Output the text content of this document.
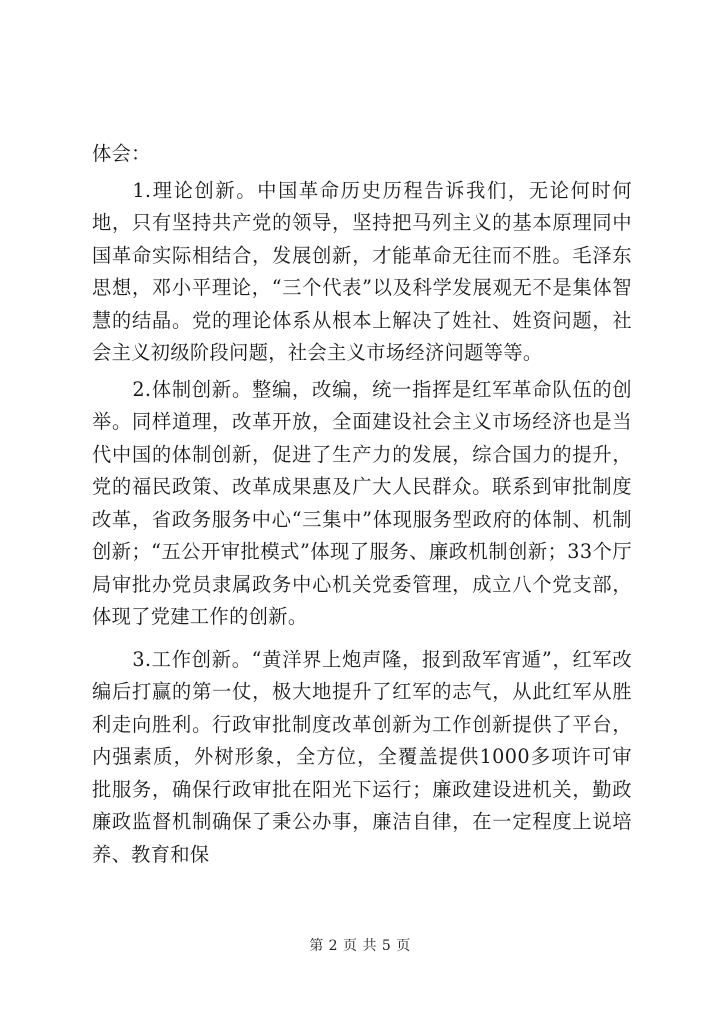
体会：

1.理论创新。中国革命历史历程告诉我们，无论何时何地，只有坚持共产党的领导，坚持把马列主义的基本原理同中国革命实际相结合，发展创新，才能革命无往而不胜。毛泽东思想，邓小平理论，“三个代表”以及科学发展观无不是集体智慧的结晶。党的理论体系从根本上解决了姓社、姓资问题，社会主义初级阶段问题，社会主义市场经济问题等等。

2.体制创新。整编，改编，统一指挥是红军革命队伍的创举。同样道理，改革开放，全面建设社会主义市场经济也是当代中国的体制创新，促进了生产力的发展，综合国力的提升，党的福民政策、改革成果惠及广大人民群众。联系到审批制度改革，省政务服务中心“三集中”体现服务型政府的体制、机制创新；“五公开审批模式”体现了服务、廉政机制创新；33个厅局审批办党员隶属政务中心机关党委管理，成立八个党支部，体现了党建工作的创新。

3.工作创新。“黄洋界上炮声隆，报到敌军宵遁”，红军改编后打赢的第一仗，极大地提升了红军的志气，从此红军从胜利走向胜利。行政审批制度改革创新为工作创新提供了平台，内强素质，外树形象，全方位，全覆盖提供1000多项许可审批服务，确保行政审批在阳光下运行；廉政建设进机关，勤政廉政监督机制确保了秉公办事，廉洁自律，在一定程度上说培养、教育和保

第 2 页 共 5 页
